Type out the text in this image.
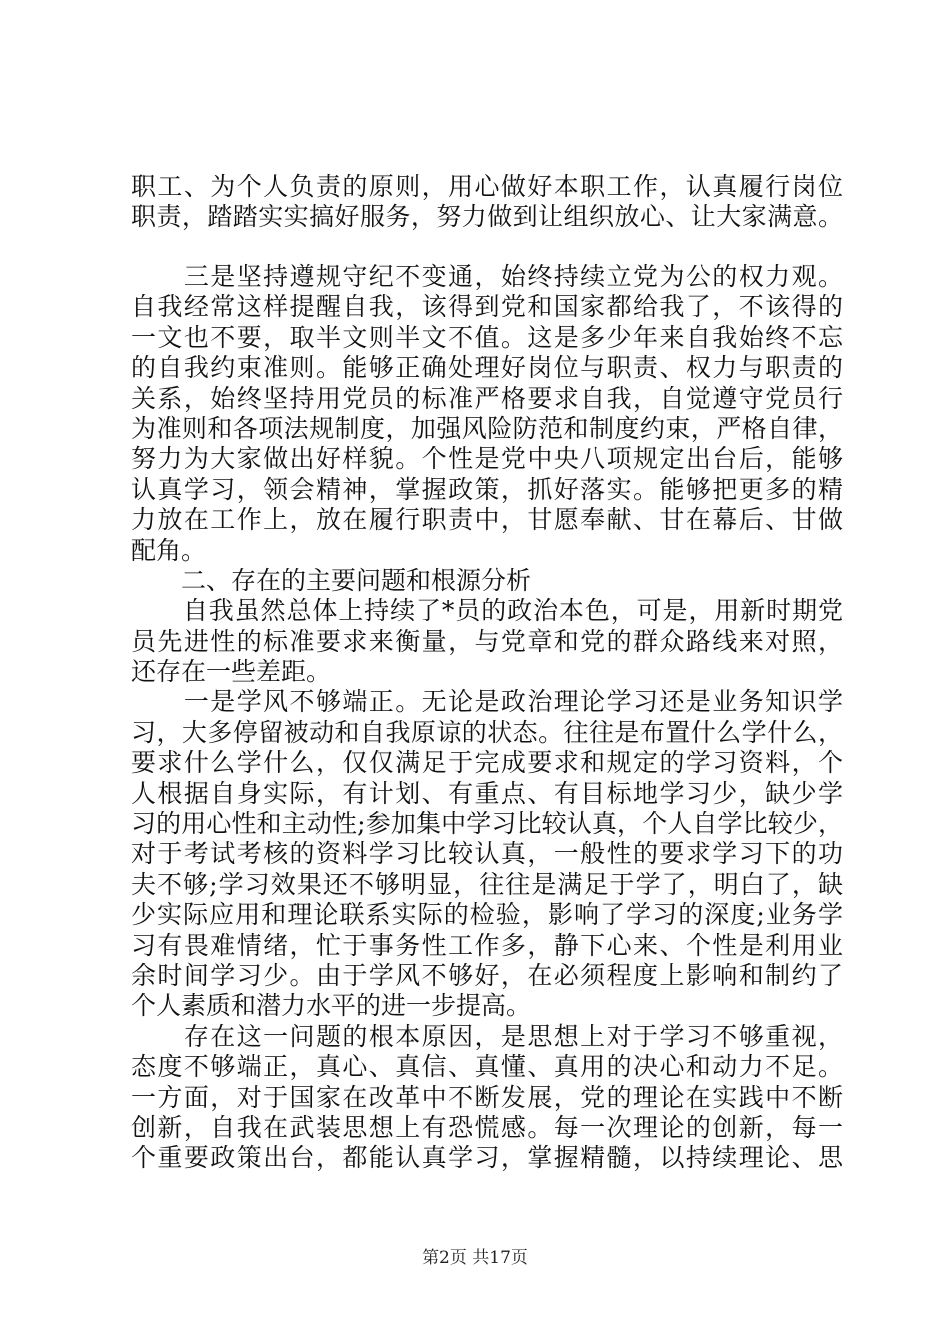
职工、为个人负责的原则，用心做好本职工作，认真履行岗位
职责，踏踏实实搞好服务，努力做到让组织放心、让大家满意。
　　三是坚持遵规守纪不变通，始终持续立党为公的权力观。
自我经常这样提醒自我，该得到党和国家都给我了，不该得的
一文也不要，取半文则半文不值。这是多少年来自我始终不忘
的自我约束准则。能够正确处理好岗位与职责、权力与职责的
关系，始终坚持用党员的标准严格要求自我，自觉遵守党员行
为准则和各项法规制度，加强风险防范和制度约束，严格自律，
努力为大家做出好样貌。个性是党中央八项规定出台后，能够
认真学习，领会精神，掌握政策，抓好落实。能够把更多的精
力放在工作上，放在履行职责中，甘愿奉献、甘在幕后、甘做
配角。
　　二、存在的主要问题和根源分析
　　自我虽然总体上持续了*员的政治本色，可是，用新时期党
员先进性的标准要求来衡量，与党章和党的群众路线来对照，
还存在一些差距。
　　一是学风不够端正。无论是政治理论学习还是业务知识学
习，大多停留被动和自我原谅的状态。往往是布置什么学什么，
要求什么学什么，仅仅满足于完成要求和规定的学习资料，个
人根据自身实际，有计划、有重点、有目标地学习少，缺少学
习的用心性和主动性;参加集中学习比较认真，个人自学比较少，
对于考试考核的资料学习比较认真，一般性的要求学习下的功
夫不够;学习效果还不够明显，往往是满足于学了，明白了，缺
少实际应用和理论联系实际的检验，影响了学习的深度;业务学
习有畏难情绪，忙于事务性工作多，静下心来、个性是利用业
余时间学习少。由于学风不够好，在必须程度上影响和制约了
个人素质和潜力水平的进一步提高。
　　存在这一问题的根本原因，是思想上对于学习不够重视，
态度不够端正，真心、真信、真懂、真用的决心和动力不足。
一方面，对于国家在改革中不断发展，党的理论在实践中不断
创新，自我在武装思想上有恐慌感。每一次理论的创新，每一
个重要政策出台，都能认真学习，掌握精髓，以持续理论、思
第2页 共17页
